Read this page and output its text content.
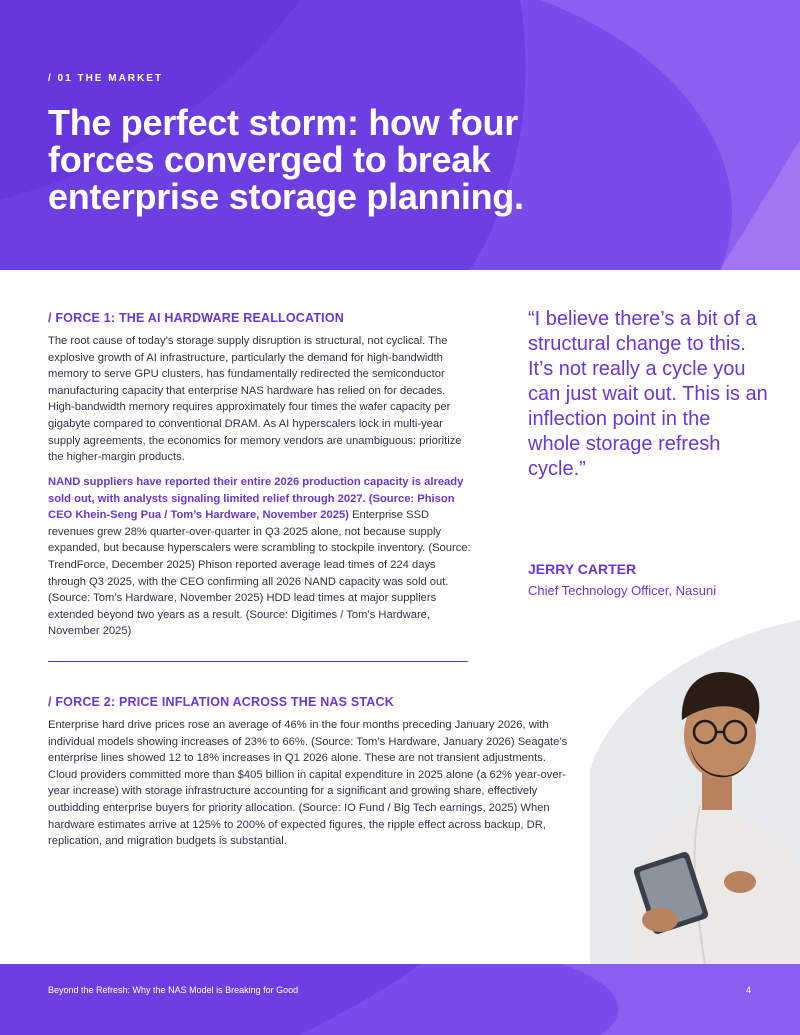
/ 01 THE MARKET
The perfect storm: how four forces converged to break enterprise storage planning.
/ FORCE 1: THE AI HARDWARE REALLOCATION
The root cause of today’s storage supply disruption is structural, not cyclical. The explosive growth of AI infrastructure, particularly the demand for high-bandwidth memory to serve GPU clusters, has fundamentally redirected the semiconductor manufacturing capacity that enterprise NAS hardware has relied on for decades. High-bandwidth memory requires approximately four times the wafer capacity per gigabyte compared to conventional DRAM. As AI hyperscalers lock in multi-year supply agreements, the economics for memory vendors are unambiguous: prioritize the higher-margin products.
NAND suppliers have reported their entire 2026 production capacity is already sold out, with analysts signaling limited relief through 2027. (Source: Phison CEO Khein-Seng Pua / Tom’s Hardware, November 2025) Enterprise SSD revenues grew 28% quarter-over-quarter in Q3 2025 alone, not because supply expanded, but because hyperscalers were scrambling to stockpile inventory. (Source: TrendForce, December 2025) Phison reported average lead times of 224 days through Q3 2025, with the CEO confirming all 2026 NAND capacity was sold out. (Source: Tom’s Hardware, November 2025) HDD lead times at major suppliers extended beyond two years as a result. (Source: Digitimes / Tom’s Hardware, November 2025)
/ FORCE 2: PRICE INFLATION ACROSS THE NAS STACK
Enterprise hard drive prices rose an average of 46% in the four months preceding January 2026, with individual models showing increases of 23% to 66%. (Source: Tom’s Hardware, January 2026) Seagate’s enterprise lines showed 12 to 18% increases in Q1 2026 alone. These are not transient adjustments. Cloud providers committed more than $405 billion in capital expenditure in 2025 alone (a 62% year-over-year increase) with storage infrastructure accounting for a significant and growing share, effectively outbidding enterprise buyers for priority allocation. (Source: IO Fund / Big Tech earnings, 2025) When hardware estimates arrive at 125% to 200% of expected figures, the ripple effect across backup, DR, replication, and migration budgets is substantial.
“I believe there’s a bit of a structural change to this. It’s not really a cycle you can just wait out. This is an inflection point in the whole storage refresh cycle.”
JERRY CARTER
Chief Technology Officer, Nasuni
Beyond the Refresh: Why the NAS Model is Breaking for Good	4
